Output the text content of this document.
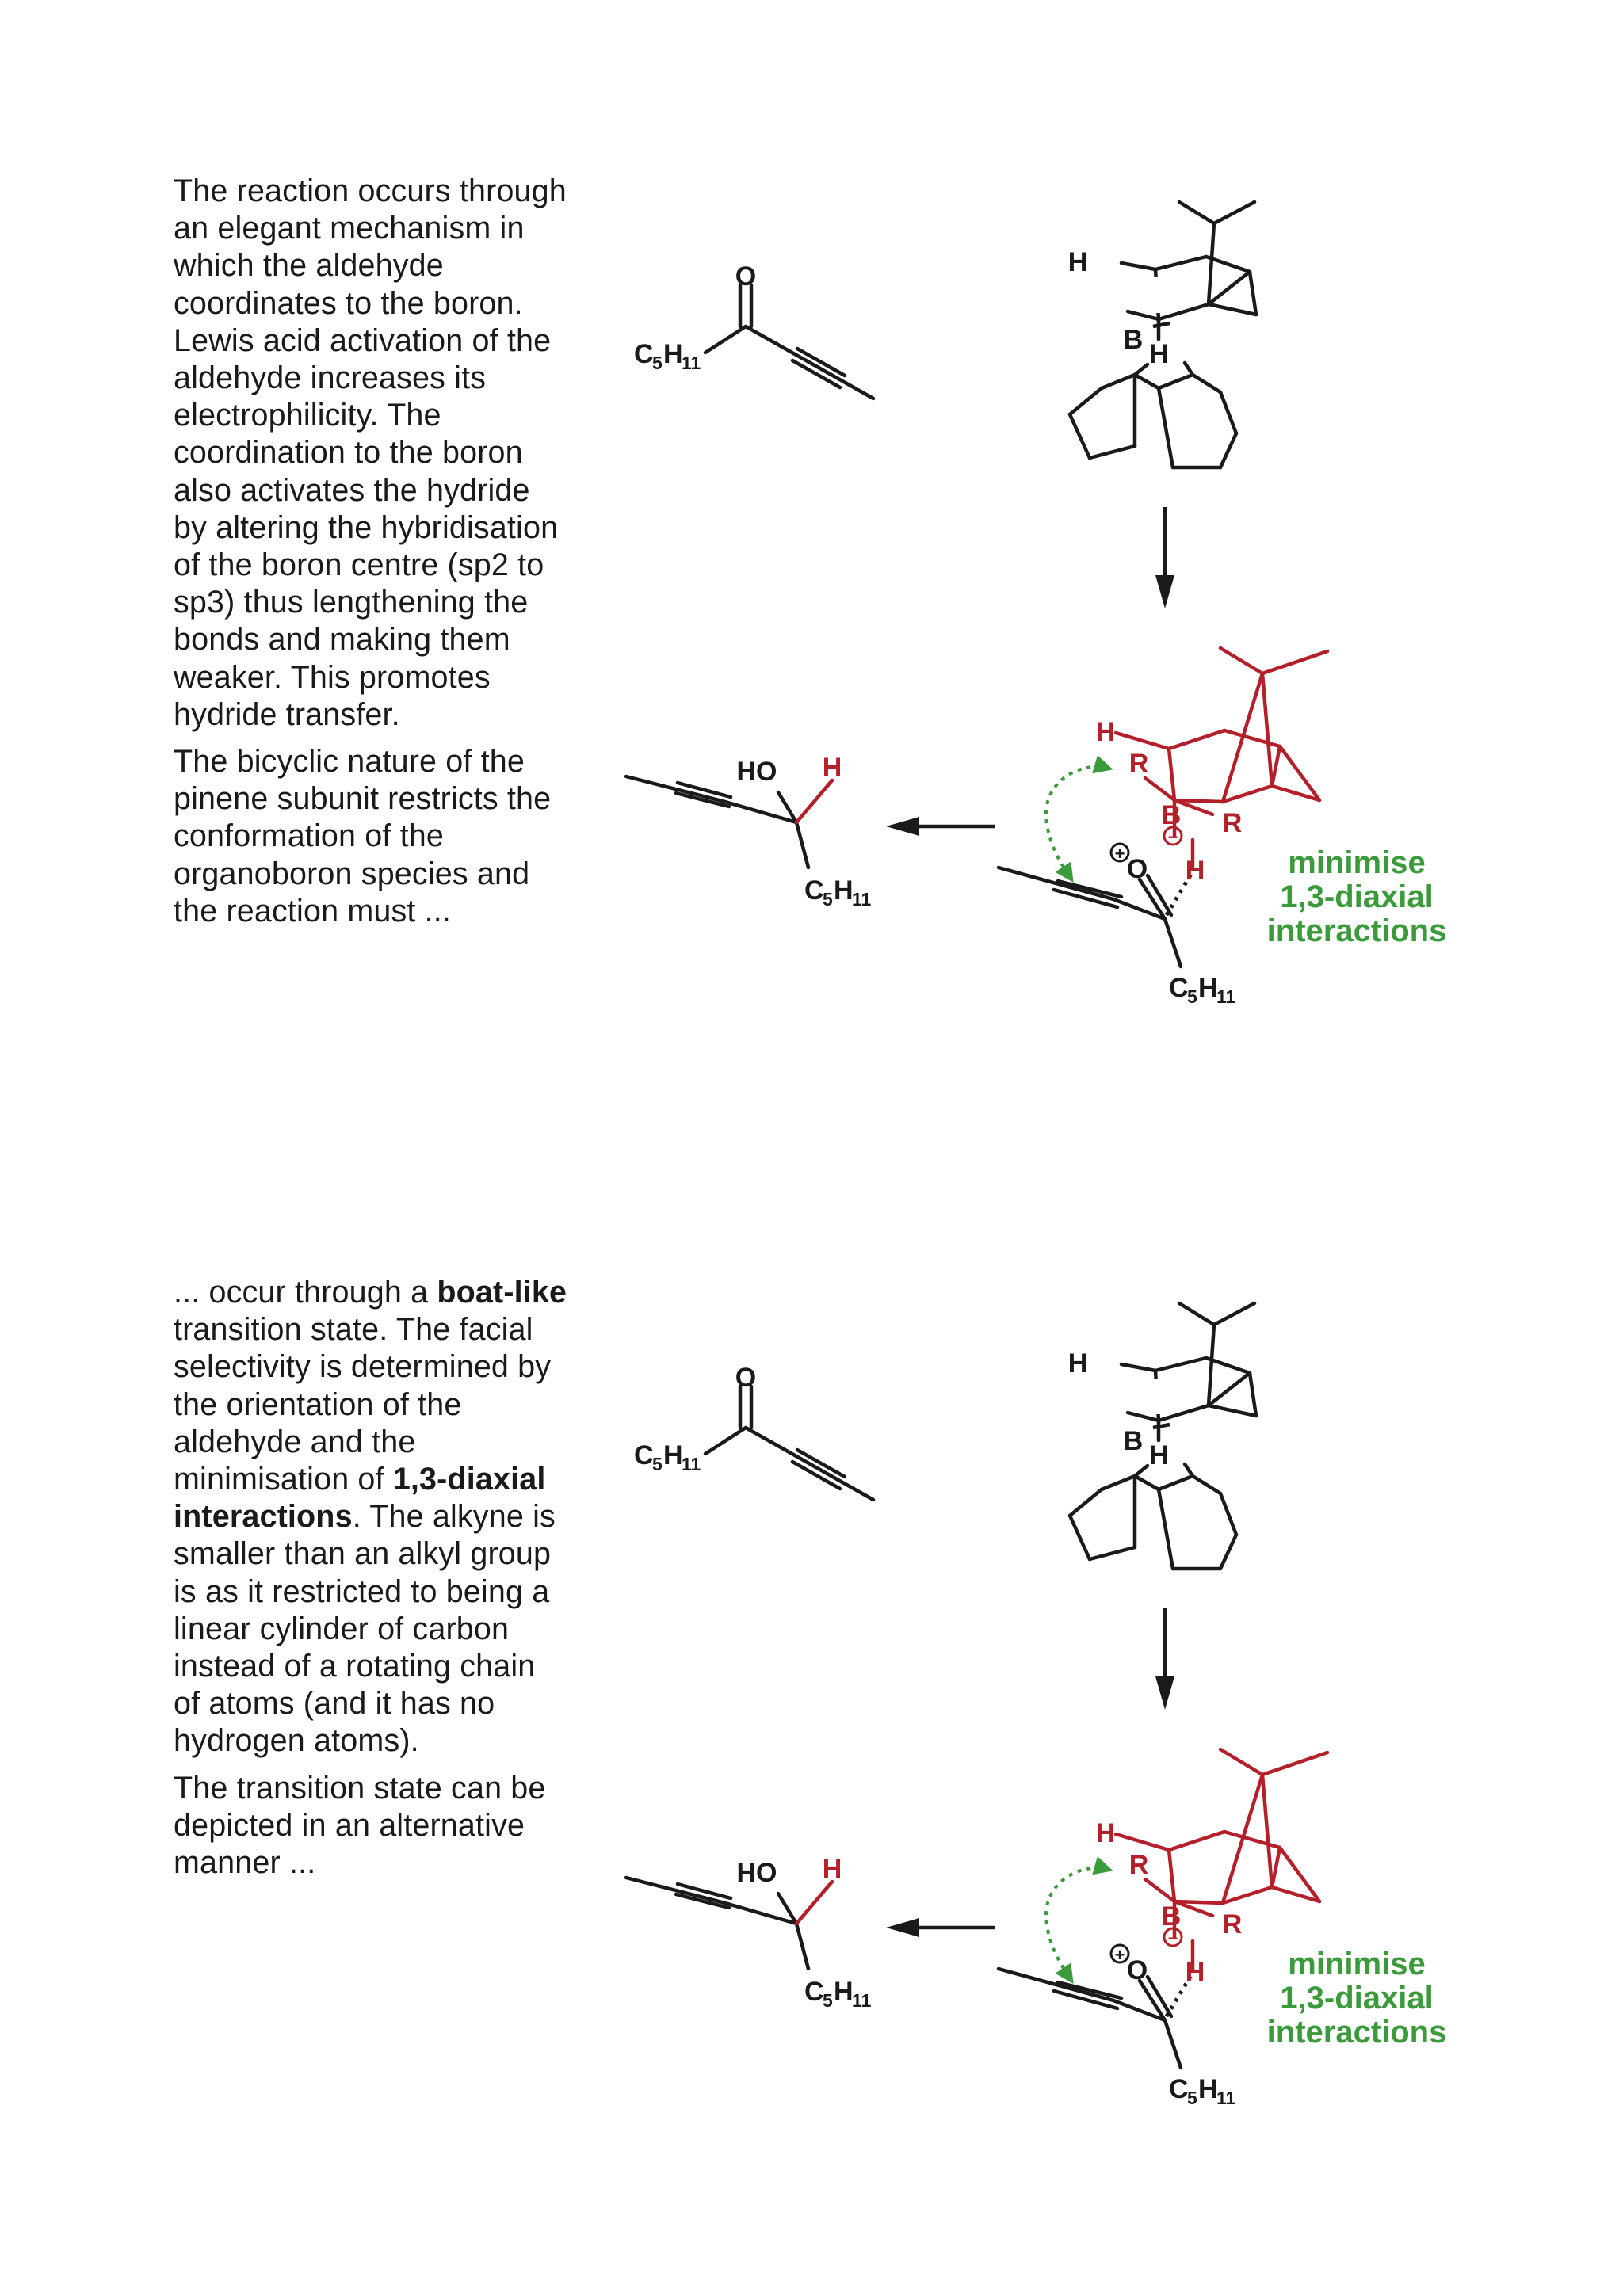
The reaction occurs through an elegant mechanism in which the aldehyde coordinates to the boron. Lewis acid activation of the aldehyde increases its electrophilicity. The coordination to the boron also activates the hydride by altering the hybridisation of the boron centre (sp2 to sp3) thus lengthening the bonds and making them weaker. This promotes hydride transfer.

The bicyclic nature of the pinene subunit restricts the conformation of the organoboron species and the reaction must ...

... occur through a boat-like transition state. The facial selectivity is determined by the orientation of the aldehyde and the minimisation of 1,3-diaxial interactions. The alkyne is smaller than an alkyl group is as it restricted to being a linear cylinder of carbon instead of a rotating chain of atoms (and it has no hydrogen atoms).

The transition state can be depicted in an alternative manner ...
